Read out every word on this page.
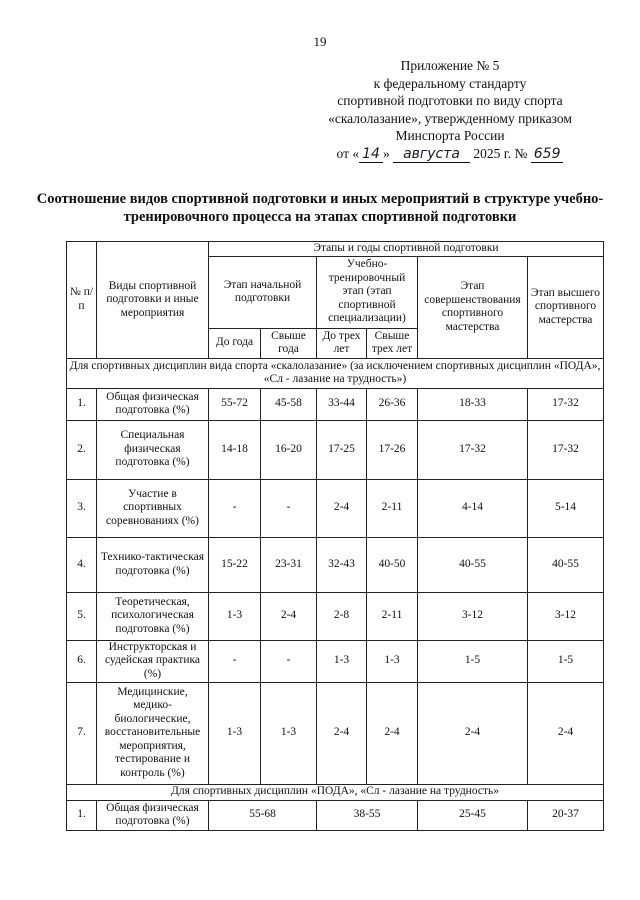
19
Приложение № 5
к федеральному стандарту
спортивной подготовки по виду спорта
«скалолазание», утвержденному приказом
Минспорта России
от « 14 » августа 2025 г. № 659
Соотношение видов спортивной подготовки и иных мероприятий в структуре учебно-тренировочного процесса на этапах спортивной подготовки
№ п/п	Виды спортивной подготовки и иные мероприятия	Этапы и годы спортивной подготовки					
		Этап начальной подготовки		Учебно-тренировочный этап (этап спортивной специализации)		Этап совершенствования спортивного мастерства	Этап высшего спортивного мастерства
		До года	Свыше года	До трех лет	Свыше трех лет		
Для спортивных дисциплин вида спорта «скалолазание» (за исключением спортивных дисциплин «ПОДА», «Сл - лазание на трудность»)							
1.	Общая физическая подготовка (%)	55-72	45-58	33-44	26-36	18-33	17-32
2.	Специальная физическая подготовка (%)	14-18	16-20	17-25	17-26	17-32	17-32
3.	Участие в спортивных соревнованиях (%)	-	-	2-4	2-11	4-14	5-14
4.	Технико-тактическая подготовка (%)	15-22	23-31	32-43	40-50	40-55	40-55
5.	Теоретическая, психологическая подготовка (%)	1-3	2-4	2-8	2-11	3-12	3-12
6.	Инструкторская и судейская практика (%)	-	-	1-3	1-3	1-5	1-5
7.	Медицинские, медико-биологические, восстановительные мероприятия, тестирование и контроль (%)	1-3	1-3	2-4	2-4	2-4	2-4
Для спортивных дисциплин «ПОДА», «Сл - лазание на трудность»							
1.	Общая физическая подготовка (%)	55-68		38-55		25-45	20-37
